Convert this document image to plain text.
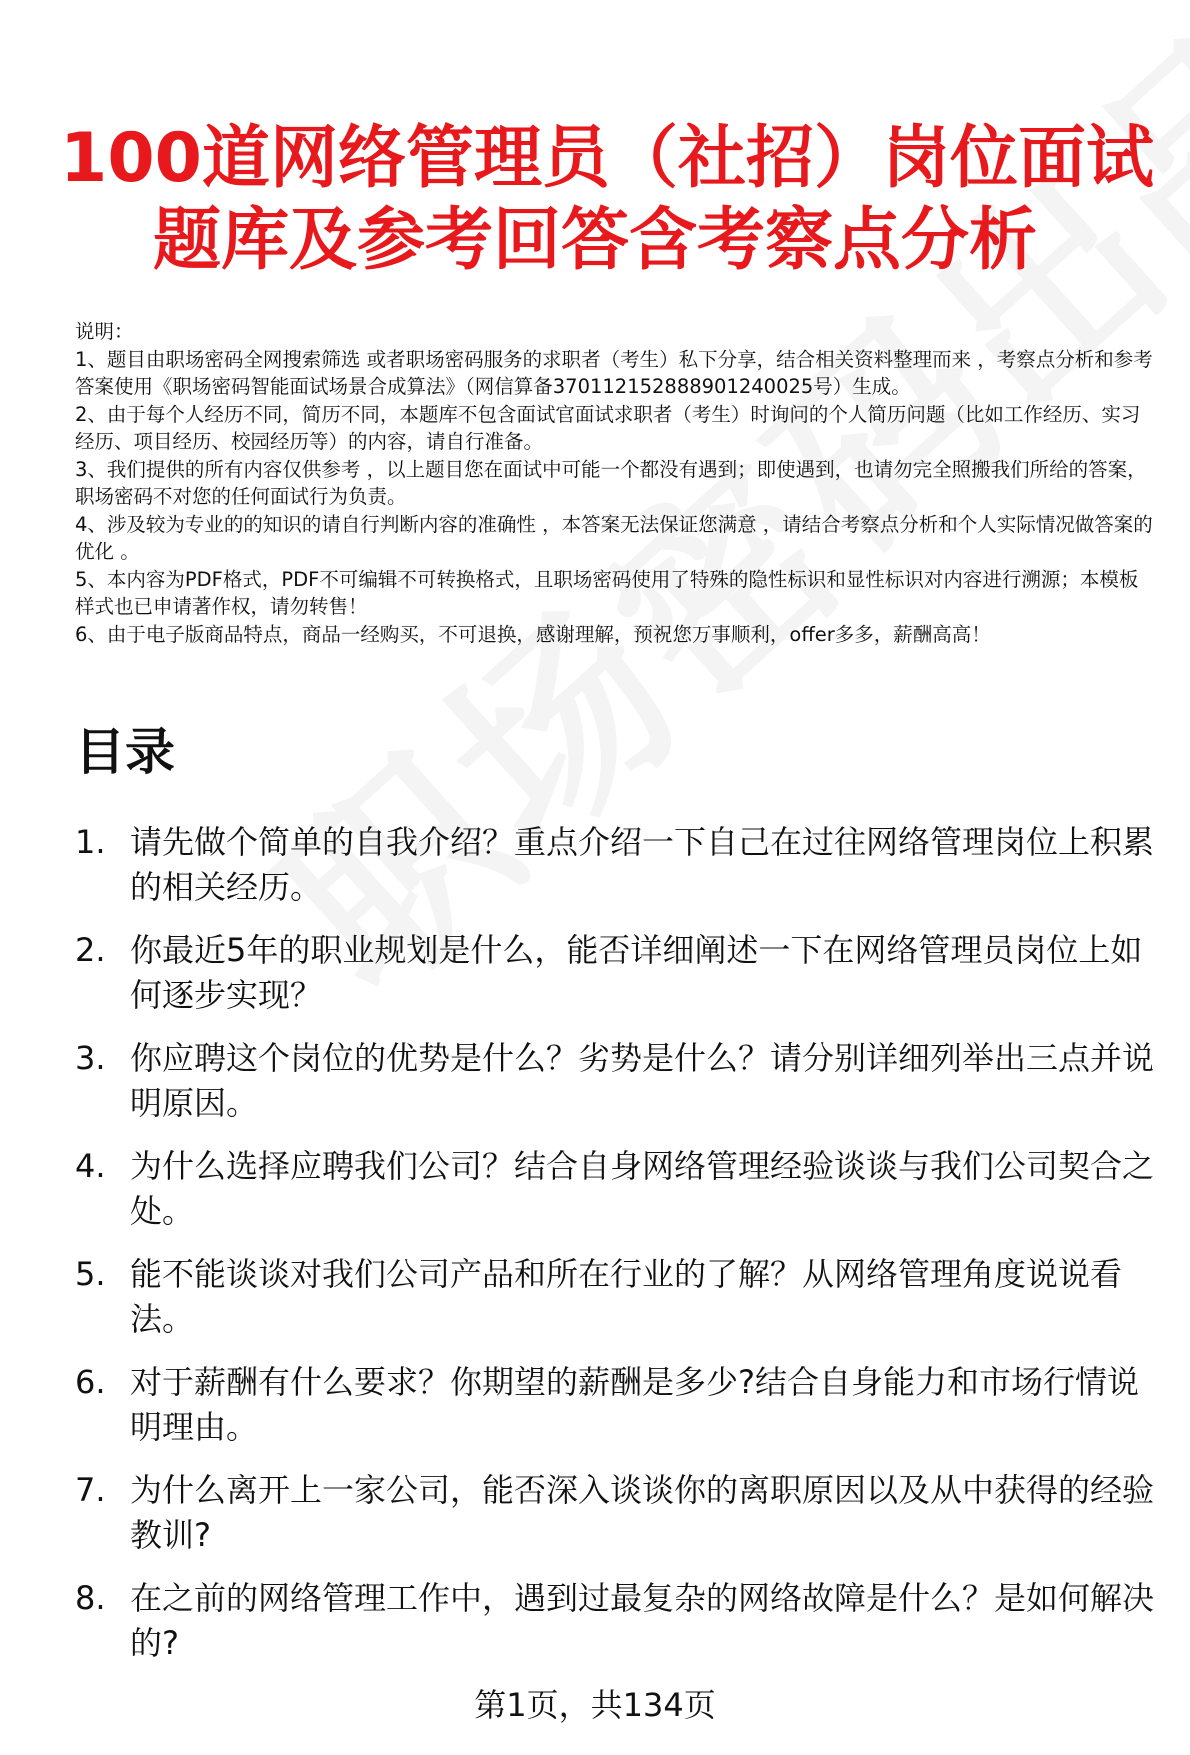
100道网络管理员（社招）岗位面试
题库及参考回答含考察点分析

说明：

1、题目由职场密码全网搜索筛选 或者职场密码服务的求职者（考生）私下分享，结合相关资料整理而来 ，考察点分析和参考答案使用《职场密码智能面试场景合成算法》（网信算备370112152888901240025号）生成。

2、由于每个人经历不同，简历不同，本题库不包含面试官面试求职者（考生）时询问的个人简历问题（比如工作经历、实习经历、项目经历、校园经历等）的内容，请自行准备。

3、我们提供的所有内容仅供参考 ，以上题目您在面试中可能一个都没有遇到；即使遇到，也请勿完全照搬我们所给的答案，职场密码不对您的任何面试行为负责。

4、涉及较为专业的的知识的请自行判断内容的准确性 ，本答案无法保证您满意 ，请结合考察点分析和个人实际情况做答案的优化 。

5、本内容为PDF格式，PDF不可编辑不可转换格式，且职场密码使用了特殊的隐性标识和显性标识对内容进行溯源；本模板样式也已申请著作权，请勿转售！

6、由于电子版商品特点，商品一经购买，不可退换，感谢理解，预祝您万事顺利，offer多多，薪酬高高！

目录
1. 请先做个简单的自我介绍？重点介绍一下自己在过往网络管理岗位上积累的相关经历。
2. 你最近5年的职业规划是什么，能否详细阐述一下在网络管理员岗位上如何逐步实现？
3. 你应聘这个岗位的优势是什么？劣势是什么？请分别详细列举出三点并说明原因。
4. 为什么选择应聘我们公司？结合自身网络管理经验谈谈与我们公司契合之处。
5. 能不能谈谈对我们公司产品和所在行业的了解？从网络管理角度说说看法。
6. 对于薪酬有什么要求？你期望的薪酬是多少?结合自身能力和市场行情说明理由。
7. 为什么离开上一家公司，能否深入谈谈你的离职原因以及从中获得的经验教训?
8. 在之前的网络管理工作中，遇到过最复杂的网络故障是什么？是如何解决的?
第1页，共134页
